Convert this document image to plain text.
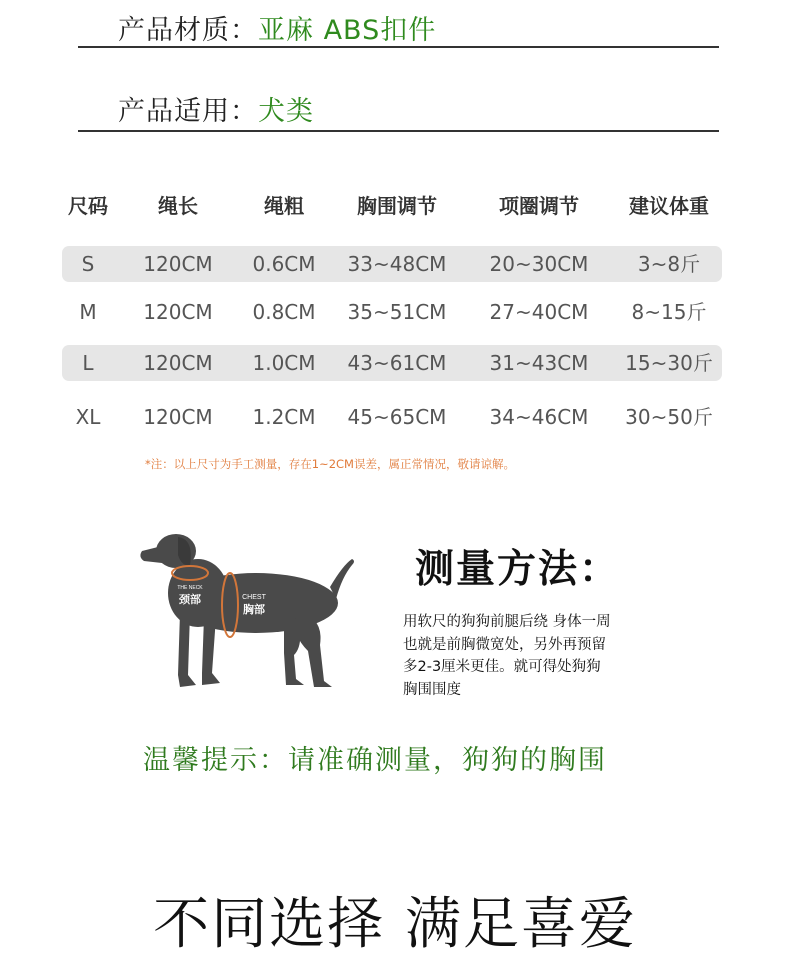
产品材质：亚麻 ABS扣件
产品适用：犬类
尺码	绳长	绳粗	胸围调节	项圈调节	建议体重
S	120CM	0.6CM	33~48CM	20~30CM	3~8斤
M	120CM	0.8CM	35~51CM	27~40CM	8~15斤
L	120CM	1.0CM	43~61CM	31~43CM	15~30斤
XL	120CM	1.2CM	45~65CM	34~46CM	30~50斤
*注：以上尺寸为手工测量，存在1~2CM误差，属正常情况，敬请谅解。
THE NECK
颈部	CHEST
胸部
测量方法：
用软尺的狗狗前腿后绕 身体一周
也就是前胸微宽处，另外再预留
多2-3厘米更佳。就可得处狗狗
胸围围度
温馨提示：请准确测量，狗狗的胸围
不同选择 满足喜爱
